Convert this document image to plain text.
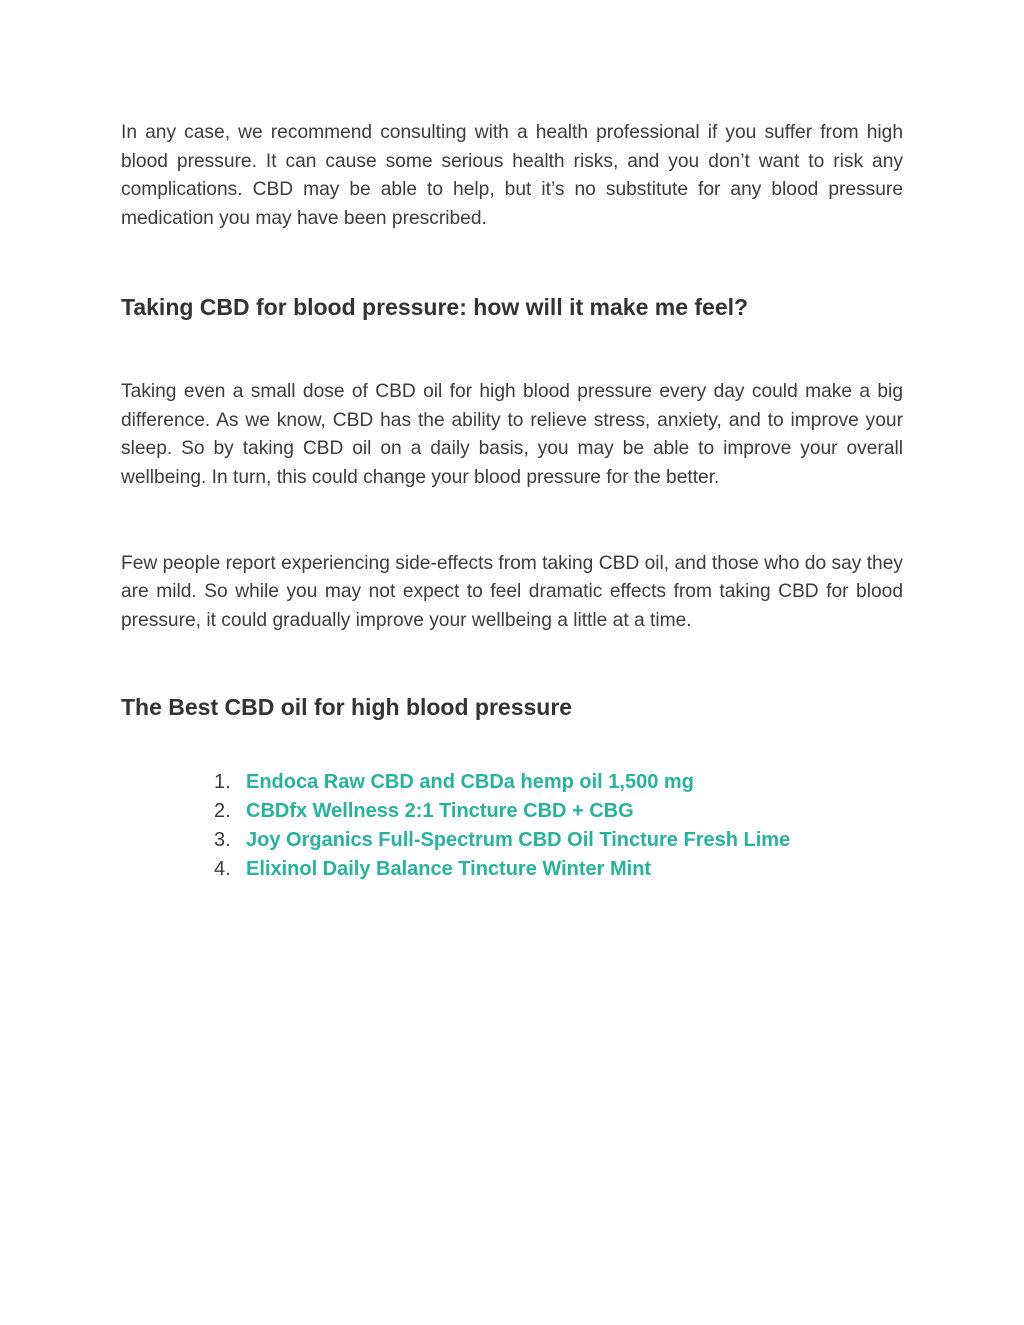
In any case, we recommend consulting with a health professional if you suffer from high blood pressure. It can cause some serious health risks, and you don’t want to risk any complications. CBD may be able to help, but it’s no substitute for any blood pressure medication you may have been prescribed.

Taking CBD for blood pressure: how will it make me feel?

Taking even a small dose of CBD oil for high blood pressure every day could make a big difference. As we know, CBD has the ability to relieve stress, anxiety, and to improve your sleep. So by taking CBD oil on a daily basis, you may be able to improve your overall wellbeing. In turn, this could change your blood pressure for the better.

Few people report experiencing side-effects from taking CBD oil, and those who do say they are mild. So while you may not expect to feel dramatic effects from taking CBD for blood pressure, it could gradually improve your wellbeing a little at a time.

The Best CBD oil for high blood pressure
1. Endoca Raw CBD and CBDa hemp oil 1,500 mg
2. CBDfx Wellness 2:1 Tincture CBD + CBG
3. Joy Organics Full-Spectrum CBD Oil Tincture Fresh Lime
4. Elixinol Daily Balance Tincture Winter Mint
